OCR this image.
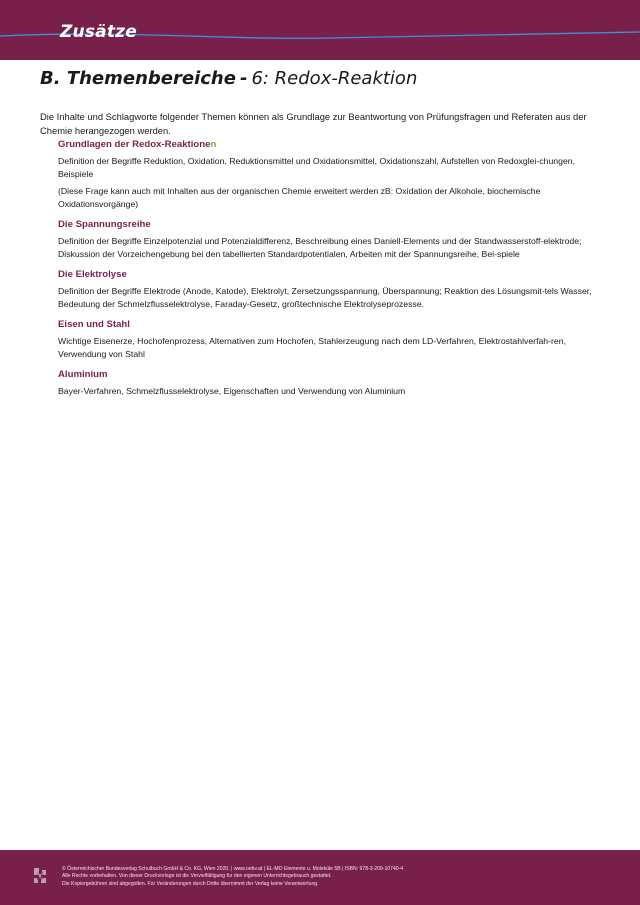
Zusätze
B. Themenbereiche - 6: Redox-Reaktion
Die Inhalte und Schlagworte folgender Themen können als Grundlage zur Beantwortung von Prüfungsfragen und Referaten aus der Chemie herangezogen werden.
Grundlagen der Redox-Reaktionen
Definition der Begriffe Reduktion, Oxidation, Reduktionsmittel und Oxidationsmittel, Oxidationszahl, Aufstellen von Redoxglei-chungen, Beispiele
(Diese Frage kann auch mit Inhalten aus der organischen Chemie erweitert werden zB: Oxidation der Alkohole, biochemische Oxidationsvorgänge)
Die Spannungsreihe
Definition der Begriffe Einzelpotenzial und Potenzialdifferenz, Beschreibung eines Daniell-Elements und der Standwasserstoff-elektrode; Diskussion der Vorzeichengebung bei den tabellierten Standardpotentialen, Arbeiten mit der Spannungsreihe, Bei-spiele
Die Elektrolyse
Definition der Begriffe Elektrode (Anode, Katode), Elektrolyt, Zersetzungsspannung, Überspannung; Reaktion des Lösungsmit-tels Wasser, Bedeutung der Schmelzflusselektrolyse, Faraday-Gesetz, großtechnische Elektrolyseprozesse.
Eisen und Stahl
Wichtige Eisenerze, Hochofenprozess, Alternativen zum Hochofen, Stahlerzeugung nach dem LD-Verfahren, Elektrostahlverfah-ren, Verwendung von Stahl
Aluminium
Bayer-Verfahren, Schmelzflusselektrolyse, Eigenschaften und Verwendung von Aluminium
© Österreichischer Bundesverlag Schulbuch GmbH & Co. KG, Wien 2020. | www.oebv.at | EL-MO Elemente u. Moleküle 5B | ISBN: 978-3-209-10740-4
Alle Rechte vorbehalten. Von dieser Druckvorlage ist die Vervielfältigung für den eigenen Unterrichtsgebrauch gestattet.
Die Kopiergebühren sind abgegolten. Für Veränderungen durch Dritte übernimmt der Verlag keine Verantwortung.
